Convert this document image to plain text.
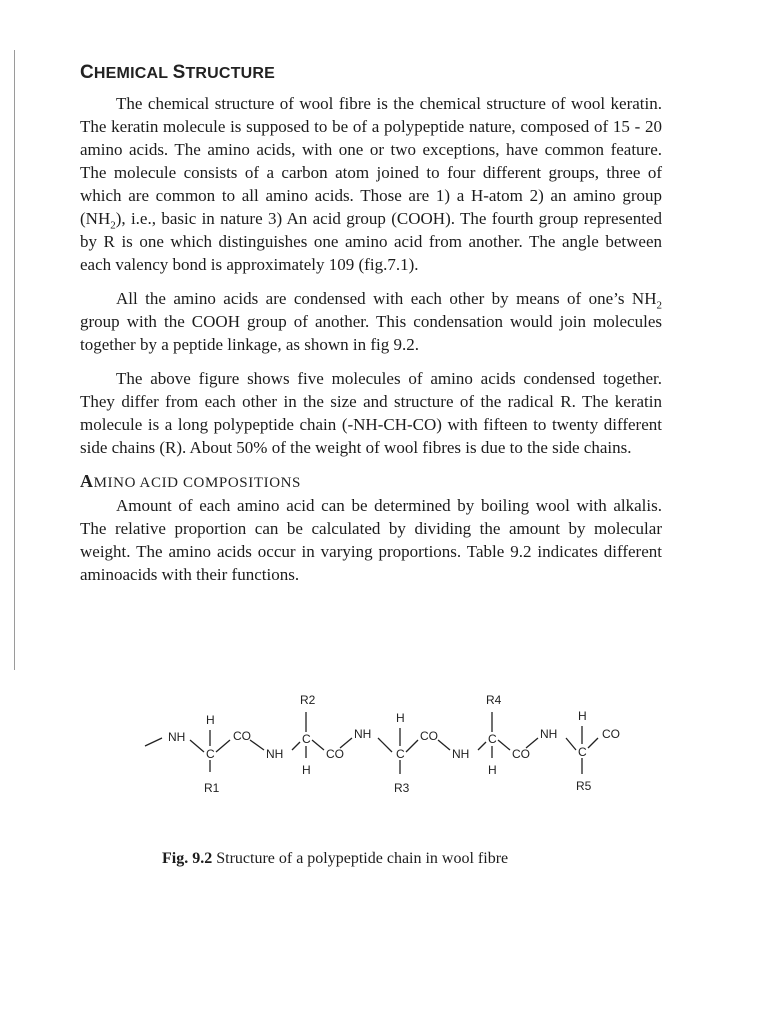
CHEMICAL STRUCTURE

The chemical structure of wool fibre is the chemical structure of wool keratin. The keratin molecule is supposed to be of a polypeptide nature, composed of 15 - 20 amino acids. The amino acids, with one or two exceptions, have common feature. The molecule consists of a carbon atom joined to four different groups, three of which are common to all amino acids. Those are 1) a H-atom 2) an amino group $(NH_2)$, i.e., basic in nature 3) An acid group (COOH). The fourth group represented by R is one which distinguishes one amino acid from another. The angle between each valency bond is approximately 109 (fig.7.1).

All the amino acids are condensed with each other by means of one’s $NH_2$ group with the COOH group of another. This condensation would join molecules together by a peptide linkage, as shown in fig 9.2.

The above figure shows five molecules of amino acids condensed together. They differ from each other in the size and structure of the radical R. The keratin molecule is a long polypeptide chain (-NH-CH-CO) with fifteen to twenty different side chains (R). About 50% of the weight of wool fibres is due to the side chains.

AMINO ACID COMPOSITIONS

Amount of each amino acid can be determined by boiling wool with alkalis. The relative proportion can be calculated by dividing the amount by molecular weight. The amino acids occur in varying proportions. Table 9.2 indicates different aminoacids with their functions.

NH
H
C
CO
R1
NH
R2
C
H
CO
NH
H
C
CO
R3
NH
R4
C
H
CO
NH
H
C
CO
R5
Fig. 9.2 Structure of a polypeptide chain in wool fibre
